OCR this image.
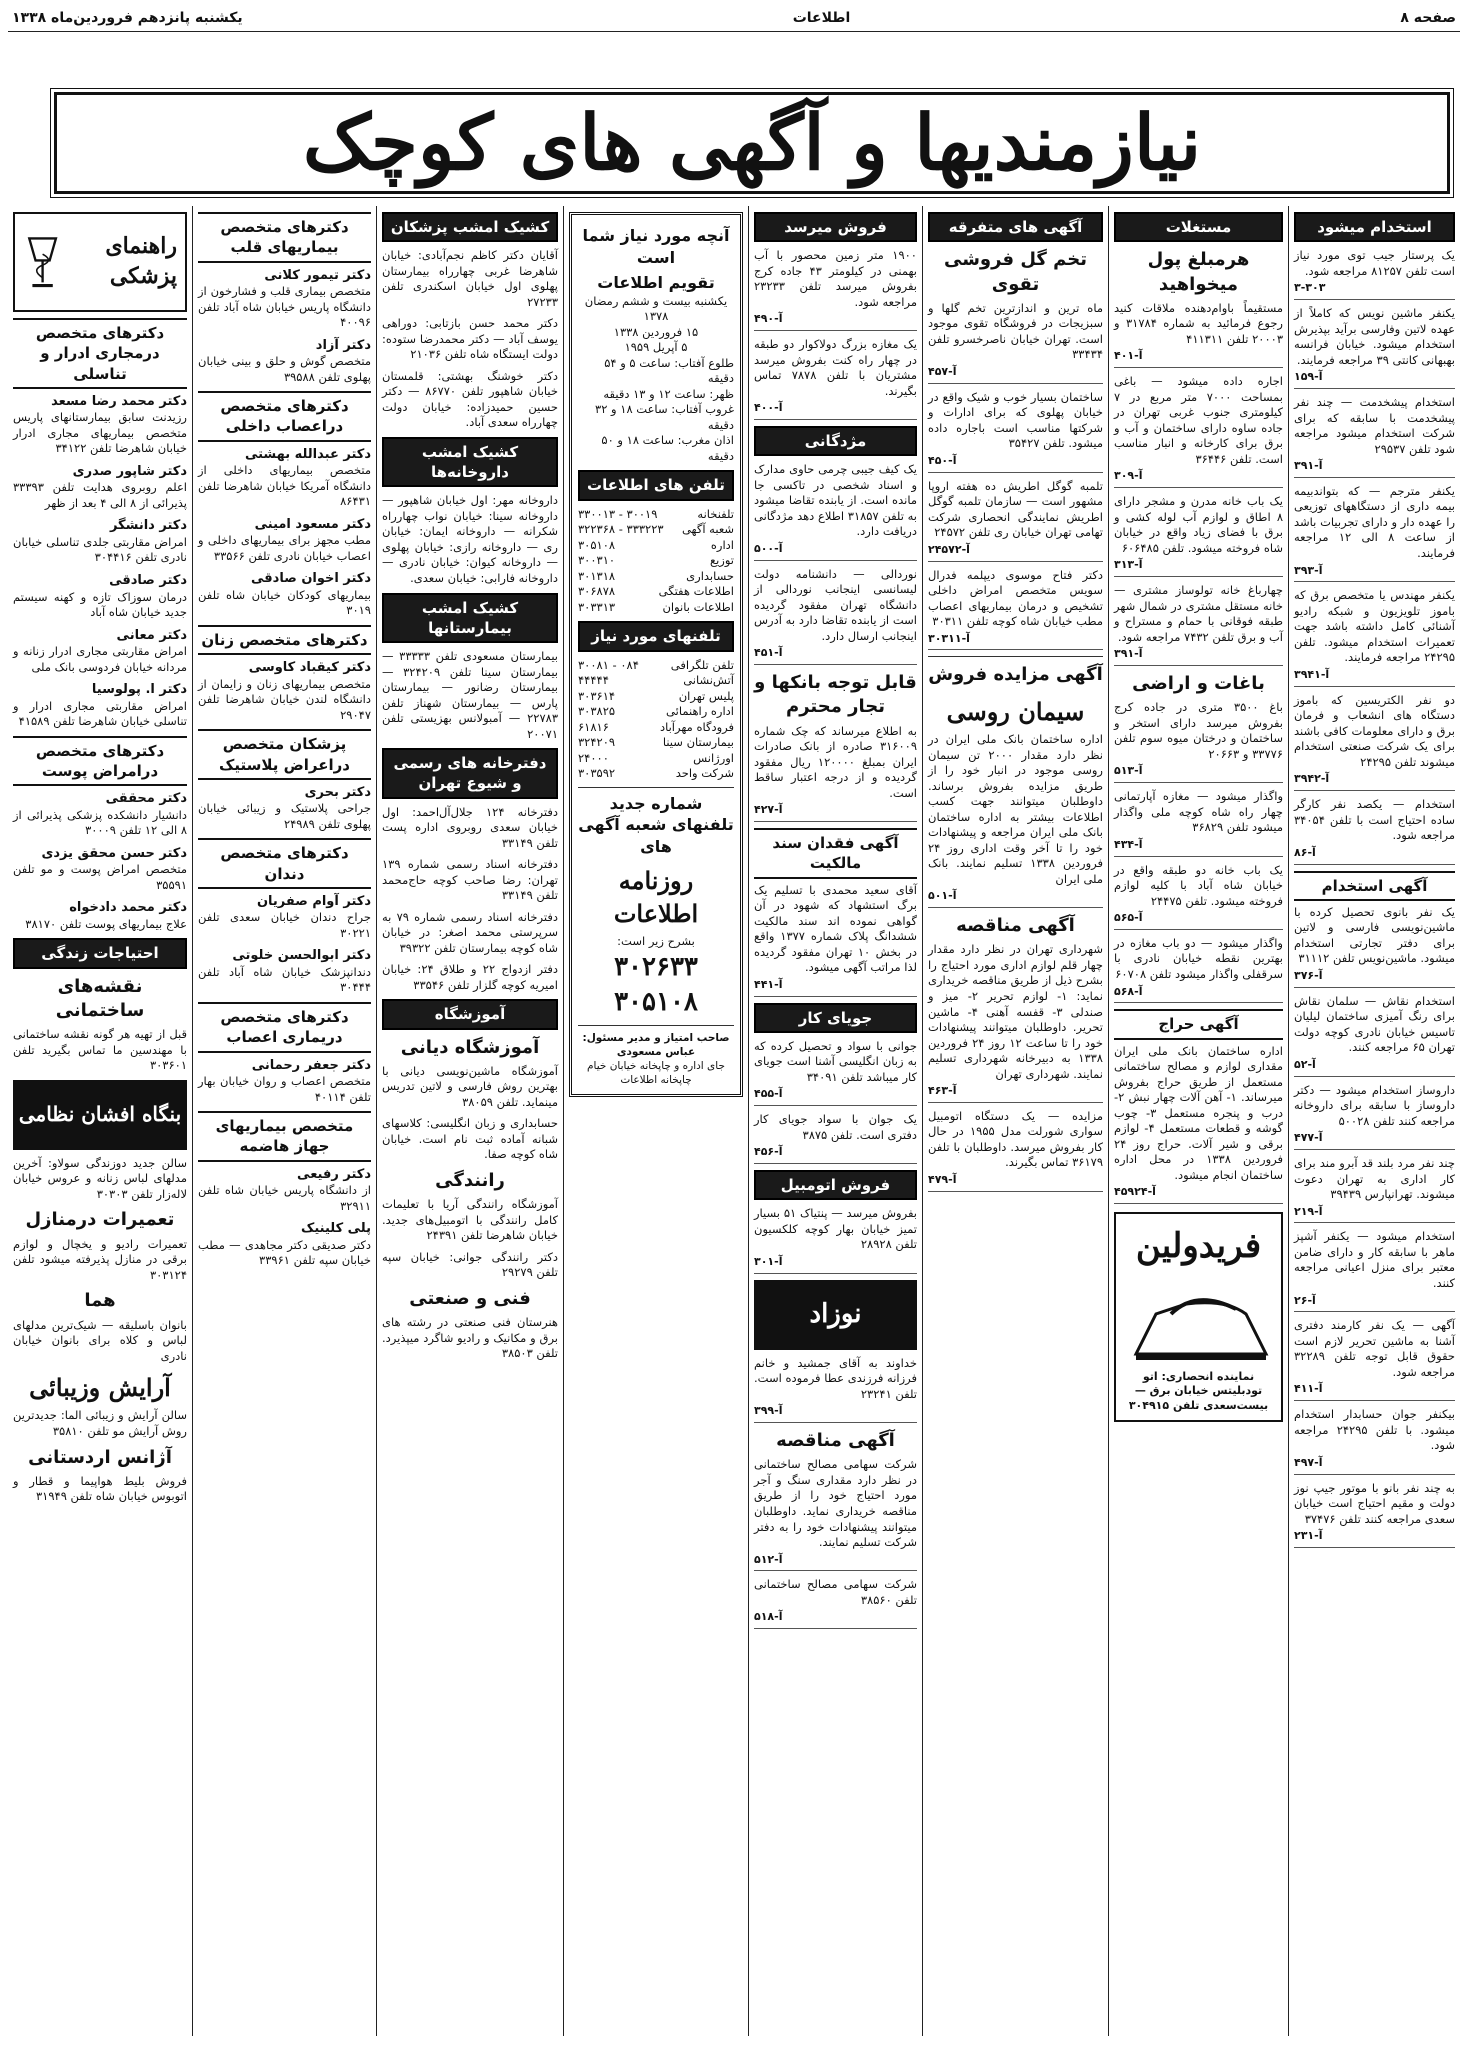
صفحه ۸
اطلاعات
یکشنبه پانزدهم فروردین‌ماه ۱۳۳۸
نیازمندیها و آگهی های کوچک
استخدام میشود

یک پرستار جیب توی مورد نیاز است تلفن ۸۱۲۵۷ مراجعه شود.

۳-۳۰۳

یکنفر ماشین نویس که کاملاً از عهده لاتین وفارسی برآید بپذیرش استخدام میشود. خیابان فرانسه بهبهانی کانتی ۳۹ مراجعه فرمایند.

آ-۱۵۹

استخدام پیشخدمت — چند نفر پیشخدمت با سابقه که برای شرکت استخدام میشود مراجعه شود تلفن ۲۹۵۳۷

آ-۳۹۱

یکنفر مترجم — که بتواندبیمه بیمه داری از دستگاههای توزیعی را عهده دار و دارای تجربیات باشد از ساعت ۸ الی ۱۲ مراجعه فرمایند.

آ-۳۹۳

یکنفر مهندس یا متخصص برق که باموز تلویزیون و شبکه رادیو آشنائی کامل داشته باشد جهت تعمیرات استخدام میشود. تلفن ۲۴۲۹۵ مراجعه فرمایند.

آ-۳۹۴۱

دو نفر الکتریسین که باموز دستگاه های انشعاب و فرمان برق و دارای معلومات کافی باشند برای یک شرکت صنعتی استخدام میشوند تلفن ۲۴۲۹۵

آ-۳۹۴۲

استخدام — یکصد نفر کارگر ساده احتیاج است با تلفن ۳۴۰۵۴ مراجعه شود.

آ-۸۶
آگهی استخدام

یک نفر بانوی تحصیل کرده با ماشین‌نویسی فارسی و لاتین برای دفتر تجارتی استخدام میشود. ماشین‌نویس تلفن ۳۱۱۱۲

آ-۳۷۶

استخدام نقاش — سلمان نقاش برای رنگ آمیزی ساختمان لیلیان تاسیس خیابان نادری کوچه دولت تهران ۶۵ مراجعه کنند.

آ-۵۲

داروساز استخدام میشود — دکتر داروساز با سابقه برای داروخانه مراجعه کنند تلفن ۵۰۰۲۸

آ-۴۷۷

چند نفر مرد بلند قد آبرو مند برای کار اداری به تهران دعوت میشوند. تهرانپارس ۳۹۴۳۹

آ-۲۱۹

استخدام میشود — یکنفر آشپز ماهر با سابقه کار و دارای ضامن معتبر برای منزل اعیانی مراجعه کنند.

آ-۲۶

آگهی — یک نفر کارمند دفتری آشنا به ماشین تحریر لازم است حقوق قابل توجه تلفن ۳۲۲۸۹ مراجعه شود.

آ-۴۱۱

بیکنفر جوان حسابدار استخدام میشود. با تلفن ۲۴۲۹۵ مراجعه شود.

آ-۴۹۷

به چند نفر بانو با موتور جیپ نوز دولت و مقیم احتیاج است خیابان سعدی مراجعه کنند تلفن ۳۷۴۷۶

آ-۲۳۱
مستغلات
هرمبلغ پول میخواهید

مستقیماً باوام‌دهنده ملاقات کنید رجوع فرمائید به شماره ۳۱۷۸۴ و ۲۰۰۰۳ تلفن ۴۱۱۳۱۱

آ-۴۰۱

اجاره داده میشود — باغی بمساحت ۷۰۰۰ متر مربع در ۷ کیلومتری جنوب غربی تهران در جاده ساوه دارای ساختمان و آب و برق برای کارخانه و انبار مناسب است. تلفن ۳۶۴۴۶

آ-۳۰۹

یک باب خانه مدرن و مشجر دارای ۸ اطاق و لوازم آب لوله کشی و برق با فضای زیاد واقع در خیابان شاه فروخته میشود. تلفن ۶۰۶۴۸۵

آ-۳۱۳

چهارباغ خانه تولوساز مشتری — خانه مستقل مشتری در شمال شهر طبقه فوقانی با حمام و مستراح و آب و برق تلفن ۷۴۳۲ مراجعه شود.

آ-۳۹۱
باغات و اراضی

باغ ۳۵۰۰ متری در جاده کرج بفروش میرسد دارای استخر و ساختمان و درختان میوه سوم تلفن ۳۳۷۷۶ و ۲۰۶۶۳

آ-۵۱۳

واگذار میشود — مغازه آپارتمانی چهار راه شاه کوچه ملی واگذار میشود تلفن ۳۶۸۲۹

آ-۴۳۴

یک باب خانه دو طبقه واقع در خیابان شاه آباد با کلیه لوازم فروخته میشود. تلفن ۲۴۴۷۵

آ-۵۶۵

واگذار میشود — دو باب مغازه در بهترین نقطه خیابان نادری با سرقفلی واگذار میشود تلفن ۶۰۷۰۸

آ-۵۶۸
آگهی حراج

اداره ساختمان بانک ملی ایران مقداری لوازم و مصالح ساختمانی مستعمل از طریق حراج بفروش میرساند. ۱- آهن آلات چهار نبش ۲- درب و پنجره مستعمل ۳- چوب گوشه و قطعات مستعمل ۴- لوازم برقی و شیر آلات. حراج روز ۲۴ فروردین ۱۳۳۸ در محل اداره ساختمان انجام میشود.

آ-۴۵۹۲۴
فریدولین
نماینده انحصاری: اتو تودبلیتس خیابان برق — بیست‌سعدی تلفن ۳۰۴۹۱۵
آگهی های متفرقه
تخم گل فروشی تقوی

ماه ترین و اندازترین تخم گلها و سبزیجات در فروشگاه تقوی موجود است. تهران خیابان ناصرخسرو تلفن ۳۳۴۳۴

آ-۴۵۷

ساختمان بسیار خوب و شیک واقع در خیابان پهلوی که برای ادارات و شرکتها مناسب است باجاره داده میشود. تلفن ۳۵۴۲۷

آ-۴۵۰

تلمبه گوگل اطریش ده هفته اروپا مشهور است — سازمان تلمبه گوگل اطریش نمایندگی انحصاری شرکت تهامی تهران خیابان ری تلفن ۲۴۵۷۲

آ-۲۴۵۷۲

دکتر فتاح موسوی دیپلمه فدرال سویس متخصص امراض داخلی تشخیص و درمان بیماریهای اعصاب مطب خیابان شاه کوچه تلفن ۳۰۳۱۱

آ-۳۰۳۱۱
آگهی مزایده فروش
سیمان روسی

اداره ساختمان بانک ملی ایران در نظر دارد مقدار ۲۰۰۰ تن سیمان روسی موجود در انبار خود را از طریق مزایده بفروش برساند. داوطلبان میتوانند جهت کسب اطلاعات بیشتر به اداره ساختمان بانک ملی ایران مراجعه و پیشنهادات خود را تا آخر وقت اداری روز ۲۴ فروردین ۱۳۳۸ تسلیم نمایند. بانک ملی ایران

آ-۵۰۱
آگهی مناقصه

شهرداری تهران در نظر دارد مقدار چهار قلم لوازم اداری مورد احتیاج را بشرح ذیل از طریق مناقصه خریداری نماید: ۱- لوازم تحریر ۲- میز و صندلی ۳- قفسه آهنی ۴- ماشین تحریر. داوطلبان میتوانند پیشنهادات خود را تا ساعت ۱۲ روز ۲۴ فروردین ۱۳۳۸ به دبیرخانه شهرداری تسلیم نمایند. شهرداری تهران

آ-۴۶۳

مزایده — یک دستگاه اتومبیل سواری شورلت مدل ۱۹۵۵ در حال کار بفروش میرسد. داوطلبان با تلفن ۳۶۱۷۹ تماس بگیرند.

آ-۴۷۹
فروش میرسد

۱۹۰۰ متر زمین محصور با آب بهمنی در کیلومتر ۴۳ جاده کرج بفروش میرسد تلفن ۲۳۲۳۳ مراجعه شود.

آ-۴۹۰

یک مغازه بزرگ دولاکوار دو طبقه در چهار راه کنت بفروش میرسد مشتریان با تلفن ۷۸۷۸ تماس بگیرند.

آ-۴۰۰
مژدگانی

یک کیف جیبی چرمی حاوی مدارک و اسناد شخصی در تاکسی جا مانده است. از یابنده تقاضا میشود به تلفن ۳۱۸۵۷ اطلاع دهد مژدگانی دریافت دارد.

آ-۵۰۰

نوردالی — دانشنامه دولت لیسانسی اینجانب نوردالی از دانشگاه تهران مفقود گردیده است از یابنده تقاضا دارد به آدرس اینجانب ارسال دارد.

آ-۴۵۱
قابل توجه بانکها و تجار محترم

به اطلاع میرساند که چک شماره ۳۱۶۰۰۹ صادره از بانک صادرات ایران بمبلغ ۱۲۰۰۰۰ ریال مفقود گردیده و از درجه اعتبار ساقط است.

آ-۴۲۷
آگهی فقدان سند مالکیت

آقای سعید محمدی با تسلیم یک برگ استشهاد که شهود در آن گواهی نموده اند سند مالکیت ششدانگ پلاک شماره ۱۳۷۷ واقع در بخش ۱۰ تهران مفقود گردیده لذا مراتب آگهی میشود.

آ-۴۴۱
جویای کار

جوانی با سواد و تحصیل کرده که به زبان انگلیسی آشنا است جویای کار میباشد تلفن ۳۴۰۹۱

آ-۴۵۵

یک جوان با سواد جویای کار دفتری است. تلفن ۳۸۷۵

آ-۴۵۶
فروش اتومبیل

بفروش میرسد — پنتیاک ۵۱ بسیار تمیز خیابان بهار کوچه کلکسیون تلفن ۲۸۹۲۸

آ-۳۰۱
نوزاد

خداوند به آقای جمشید و خانم فرزانه فرزندی عطا فرموده است. تلفن ۲۳۲۴۱

آ-۳۹۹
آگهی مناقصه

شرکت سهامی مصالح ساختمانی در نظر دارد مقداری سنگ و آجر مورد احتیاج خود را از طریق مناقصه خریداری نماید. داوطلبان میتوانند پیشنهادات خود را به دفتر شرکت تسلیم نمایند.

آ-۵۱۲

شرکت سهامی مصالح ساختمانی تلفن ۳۸۵۶۰

آ-۵۱۸
آنچه مورد نیاز شما است
تقویم اطلاعات
یکشنبه بیست و ششم رمضان ۱۳۷۸
۱۵ فروردین ۱۳۳۸
۵ آپریل ۱۹۵۹
طلوع آفتاب: ساعت ۵ و ۵۴ دقیقه
ظهر: ساعت ۱۲ و ۱۳ دقیقه
غروب آفتاب: ساعت ۱۸ و ۳۲ دقیقه
اذان مغرب: ساعت ۱۸ و ۵۰ دقیقه
تلفن های اطلاعات
تلفنخانه
۳۰۰۱۹ - ۳۳۰۰۱۳
شعبه آگهی
۳۳۳۲۲۳ - ۳۲۲۳۶۸
اداره
۳۰۵۱۰۸
توزیع
۳۰۰۳۱۰
حسابداری
۳۰۱۳۱۸
اطلاعات هفتگی
۳۰۶۸۷۸
اطلاعات بانوان
۳۰۳۳۱۳
تلفنهای مورد نیاز
تلفن تلگرافی
۰۸۴ - ۳۰۰۸۱
آتش‌نشانی
۴۴۴۴۴
پلیس تهران
۳۰۳۶۱۴
اداره راهنمائی
۳۰۳۸۲۵
فرودگاه مهرآباد
۶۱۸۱۶
بیمارستان سینا
۳۲۴۲۰۹
اورژانس
۲۴۰۰۰
شرکت واحد
۳۰۳۵۹۲
شماره جدید تلفنهای شعبه آگهی های
روزنامه اطلاعات
بشرح زیر است:
۳۰۲۶۳۳
۳۰۵۱۰۸
صاحب امتیاز و مدیر مسئول: عباس مسعودی
جای اداره و چاپخانه خیابان خیام چاپخانه اطلاعات
کشیک امشب پزشکان

آقایان دکتر کاظم نجم‌آبادی: خیابان شاهرضا غربی چهارراه بیمارستان پهلوی اول خیابان اسکندری تلفن ۲۷۲۳۳

دکتر محمد حسن بازتابی: دوراهی یوسف آباد — دکتر محمدرضا ستوده: دولت ایستگاه شاه تلفن ۲۱۰۳۶

دکتر خوشنگ بهشتی: قلمستان خیابان شاهپور تلفن ۸۶۷۷۰ — دکتر حسین حمیدزاده: خیابان دولت چهارراه سعدی آباد.

کشیک امشب داروخانه‌ها

داروخانه مهر: اول خیابان شاهپور — داروخانه سینا: خیابان نواب چهارراه شکرانه — داروخانه ایمان: خیابان ری — داروخانه رازی: خیابان پهلوی — داروخانه کیوان: خیابان نادری — داروخانه فارابی: خیابان سعدی.

کشیک امشب بیمارستانها

بیمارستان مسعودی تلفن ۳۳۳۳۳ — بیمارستان سینا تلفن ۳۲۴۲۰۹ — بیمارستان رضانور — بیمارستان پارس — بیمارستان شهناز تلفن ۲۲۷۸۳ — آمبولانس بهزیستی تلفن ۲۰۰۷۱

دفترخانه های رسمی و شیوع تهران

دفترخانه ۱۲۴ جلال‌آل‌احمد: اول خیابان سعدی روبروی اداره پست تلفن ۳۳۱۴۹

دفترخانه اسناد رسمی شماره ۱۳۹ تهران: رضا صاحب کوچه حاج‌محمد تلفن ۳۳۱۴۹

دفترخانه اسناد رسمی شماره ۷۹ به سرپرستی محمد اصغر: در خیابان شاه کوچه بیمارستان تلفن ۳۹۳۲۲

دفتر ازدواج ۲۲ و طلاق ۲۴: خیابان امیریه کوچه گلزار تلفن ۳۳۵۴۶

آموزشگاه
آموزشگاه دیانی

آموزشگاه ماشین‌نویسی دیانی با بهترین روش فارسی و لاتین تدریس مینماید. تلفن ۳۸۰۵۹

حسابداری و زبان انگلیسی: کلاسهای شبانه آماده ثبت نام است. خیابان شاه کوچه صفا.

رانندگی

آموزشگاه رانندگی آریا با تعلیمات کامل رانندگی با اتومبیل‌های جدید. خیابان شاهرضا تلفن ۲۴۳۹۱

دکتر رانندگی جوانی: خیابان سپه تلفن ۲۹۲۷۹

فنی و صنعتی

هنرستان فنی صنعتی در رشته های برق و مکانیک و رادیو شاگرد میپذیرد. تلفن ۳۸۵۰۳

دکترهای متخصص بیماریهای قلب
دکتر تیمور کلانی

متخصص بیماری قلب و فشارخون از دانشگاه پاریس خیابان شاه آباد تلفن ۴۰۰۹۶

دکتر آزاد

متخصص گوش و حلق و بینی خیابان پهلوی تلفن ۳۹۵۸۸

دکترهای متخصص دراعصاب داخلی
دکتر عبدالله بهشتی

متخصص بیماریهای داخلی از دانشگاه آمریکا خیابان شاهرضا تلفن ۸۶۴۳۱

دکتر مسعود امینی

مطب مجهز برای بیماریهای داخلی و اعصاب خیابان نادری تلفن ۳۳۵۶۶

دکتر اخوان صادقی

بیماریهای کودکان خیابان شاه تلفن ۳۰۱۹

دکترهای متخصص زنان
دکتر کیقباد کاوسی

متخصص بیماریهای زنان و زایمان از دانشگاه لندن خیابان شاهرضا تلفن ۲۹۰۴۷

پزشکان متخصص دراعراض پلاستیک
دکتر بحری

جراحی پلاستیک و زیبائی خیابان پهلوی تلفن ۲۴۹۸۹

دکترهای متخصص دندان
دکتر آوام صفریان

جراح دندان خیابان سعدی تلفن ۳۰۲۲۱

دکتر ابوالحسن خلوتی

دندانپزشک خیابان شاه آباد تلفن ۳۰۴۴۴

دکترهای متخصص دریماری اعصاب
دکتر جعفر رحمانی

متخصص اعصاب و روان خیابان بهار تلفن ۴۰۱۱۴

متخصص بیماریهای جهاز هاضمه
دکتر رفیعی

از دانشگاه پاریس خیابان شاه تلفن ۳۲۹۱۱

پلی کلینیک

دکتر صدیقی دکتر مجاهدی — مطب خیابان سپه تلفن ۳۳۹۶۱

راهنمای پزشکی
دکترهای متخصص درمجاری ادرار و تناسلی
دکتر محمد رضا مسعد

رزیدنت سابق بیمارستانهای پاریس متخصص بیماریهای مجاری ادرار خیابان شاهرضا تلفن ۳۴۱۲۲

دکتر شاپور صدری

اعلم روبروی هدایت تلفن ۳۳۳۹۳ پذیرائی از ۸ الی ۴ بعد از ظهر

دکتر دانشگر

امراض مقاربتی جلدی تناسلی خیابان نادری تلفن ۳۰۴۴۱۶

دکتر صادقی

درمان سوزاک تازه و کهنه سیستم جدید خیابان شاه آباد

دکتر معانی

امراض مقاربتی مجاری ادرار زنانه و مردانه خیابان فردوسی بانک ملی

دکتر ا. پولوسیا

امراض مقاربتی مجاری ادرار و تناسلی خیابان شاهرضا تلفن ۴۱۵۸۹

دکترهای متخصص درامراض پوست
دکتر محققی

دانشیار دانشکده پزشکی پذیرائی از ۸ الی ۱۲ تلفن ۳۰۰۰۹

دکتر حسن محقق یزدی

متخصص امراض پوست و مو تلفن ۳۵۵۹۱

دکتر محمد دادخواه

علاج بیماریهای پوست تلفن ۳۸۱۷۰

احتیاجات زندگی
نقشه‌های ساختمانی

قبل از تهیه هر گونه نقشه ساختمانی با مهندسین ما تماس بگیرید تلفن ۳۰۳۶۰۱

بنگاه افشان نظامی

سالن جدید دوزندگی سولاو: آخرین مدلهای لباس زنانه و عروس خیابان لاله‌زار تلفن ۳۰۳۰۳

تعمیرات درمنازل

تعمیرات رادیو و یخچال و لوازم برقی در منازل پذیرفته میشود تلفن ۳۰۳۱۲۴

هما

بانوان باسلیقه — شیک‌ترین مدلهای لباس و کلاه برای بانوان خیابان نادری

آرایش وزیبائی

سالن آرایش و زیبائی الما: جدیدترین روش آرایش مو تلفن ۳۵۸۱۰

آژانس اردستانی

فروش بلیط هواپیما و قطار و اتوبوس خیابان شاه تلفن ۳۱۹۴۹
